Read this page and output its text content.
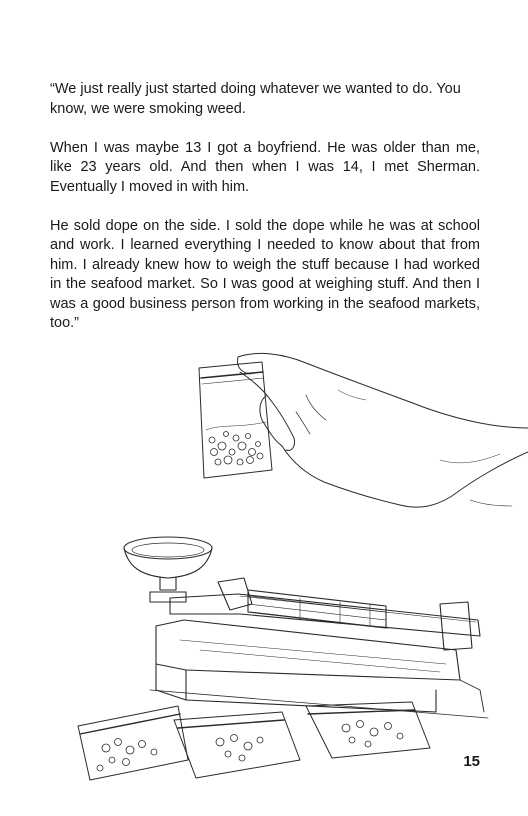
“We just really just started doing whatever we wanted to do. You know, we were smoking weed.

When I was maybe 13 I got a boyfriend. He was older than me, like 23 years old. And then when I was 14, I met Sherman. Eventually I moved in with him.

He sold dope on the side. I sold the dope while he was at school and work. I learned everything I needed to know about that from him. I already knew how to weigh the stuff because I had worked in the seafood market. So I was good at weighing stuff. And then I was a good business person from working in the seafood markets, too.”

15
